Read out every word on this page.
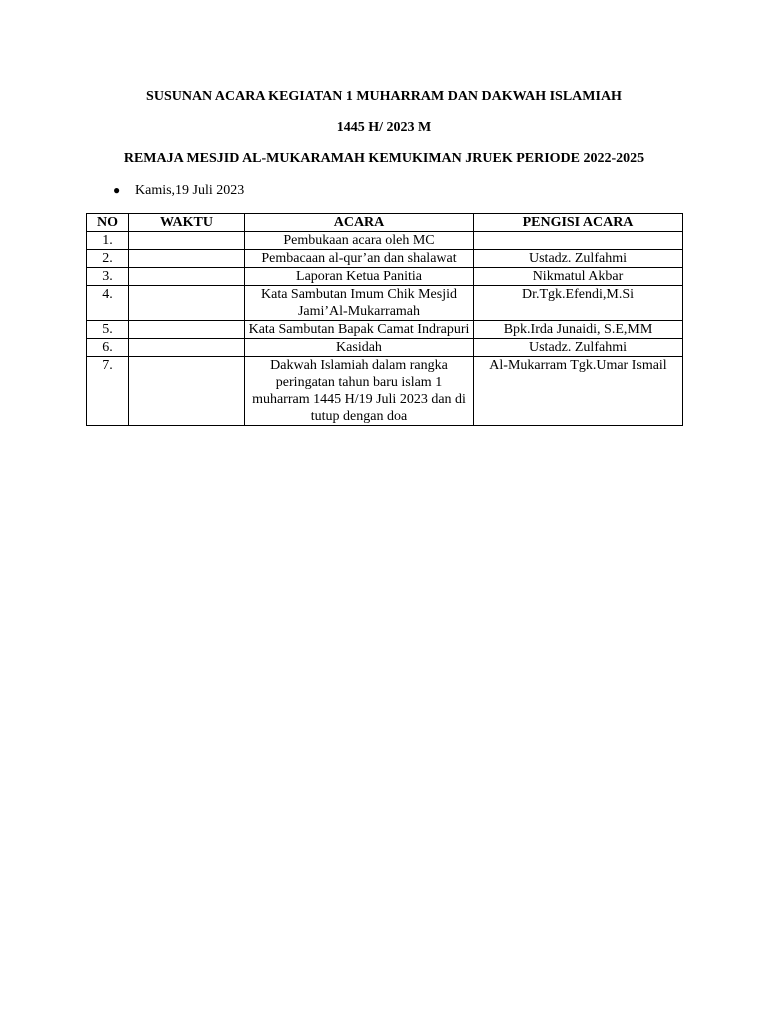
SUSUNAN ACARA KEGIATAN 1 MUHARRAM DAN DAKWAH ISLAMIAH
1445 H/ 2023 M
REMAJA MESJID AL-MUKARAMAH KEMUKIMAN JRUEK PERIODE 2022-2025
● Kamis,19 Juli 2023
NO	WAKTU	ACARA	PENGISI ACARA
1.		Pembukaan acara oleh MC	
2.		Pembacaan al-qur’an dan shalawat	Ustadz. Zulfahmi
3.		Laporan Ketua Panitia	Nikmatul Akbar
4.		Kata Sambutan Imum Chik Mesjid Jami’Al-Mukarramah	Dr.Tgk.Efendi,M.Si
5.		Kata Sambutan Bapak Camat Indrapuri	Bpk.Irda Junaidi, S.E,MM
6.		Kasidah	Ustadz. Zulfahmi
7.		Dakwah Islamiah dalam rangka peringatan tahun baru islam 1 muharram 1445 H/19 Juli 2023 dan di tutup dengan doa	Al-Mukarram Tgk.Umar Ismail
